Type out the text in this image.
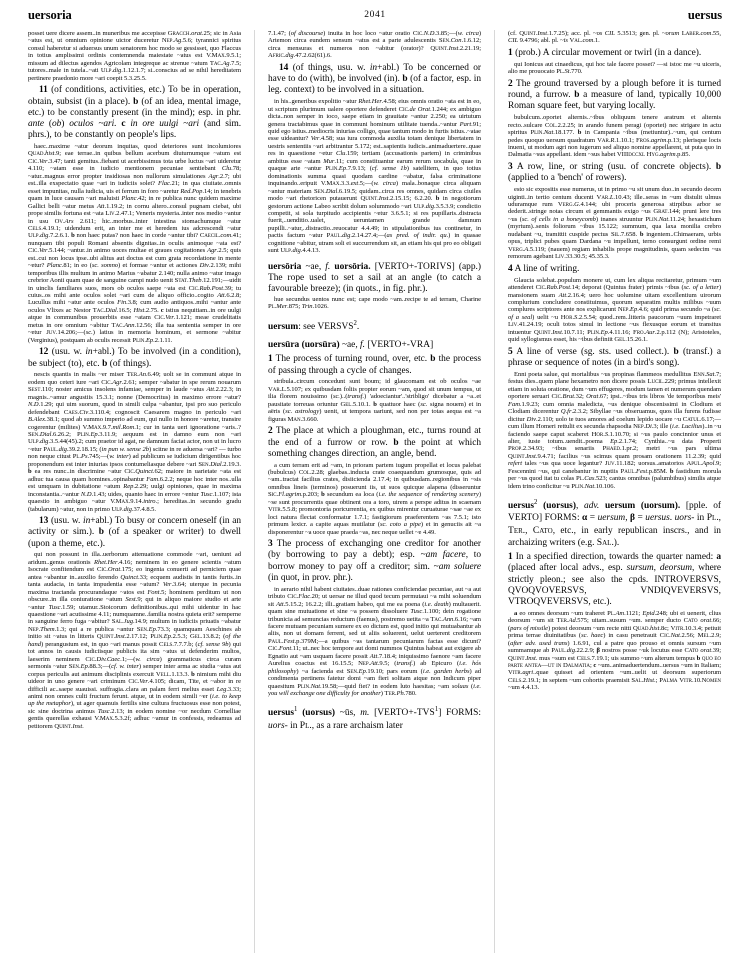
uersoria	2041	uersus

posset uere dicere assem..in muneribus me accepisse Gracch.orat.25; sic in Asia ~atus est, ut omnium opinione uictor duceretur Nep.Ag.5.6; tyrannici spiritus consul haberetur si aduersus unum senatorem hoc modo se gessisset, quo Flaccus in totius amplissimi ordinis contemnenda maiestate ~atus est V.Max.9.5.1; missum ad dilectus agendos Agricolam integreque ac strenue ~atum Tac.Ag.7.5; tutores..male in tutela..~ati Ulp.dig.1.12.1.7; si..conscius ad se nihil hereditatem pertinere praedonio more ~ari coepit 5.3.25.5.

11 (of conditions, activities, etc.) To be in operation, obtain, subsist (in a place). b (of an idea, mental image, etc.) to be constantly present (in the mind); esp. in phr. ante (ob) oculos ~ari. c in ore uulgi ~ari (and sim. phrs.), to be constantly on people's lips.

haec..maxime ~atur deorum inquitas, quod deteriores sunt incolumiores Quad.hist.9; eae terrae..in quibus bellum acerbum diuturnumque ~atum est Cic.Ver.3.47; tanti gemitus..fiebant ut acerbissimus tota urbe luctus ~ari uideretur 4.110; ~atam esse in iudicio mentionem pecuniae sentiebant Clu.78; ~atur..magnus error propter insidiosas non nullorum simulationes Agr.2.7; ubi est..illa exspectatio quae ~ari in iudiciis solet? Flac.21; in qua ciuitate..omnis esset impunitas, nulla iudicia, uis et ferrum in foro ~aretur Red.Pop.14; in tenebris quam in luce causam ~ari maluisti Planc.42; in re publica nunc quidem maxime Gallici belli ~atur metus Att.1.19.2; in cornu altero..consul pugnam ciebat, ubi prope similis fortuna est ~ata Liv.2.47.1; Veneris mysteria..inter nos medio ~antur in usu Ov.Ars 2.611; hic..morbus..inter intestina stomachumque ~atur Cels.4.19.1; uidendum erit, an inter me et heredem ius adcrescendi ~atur Ulp.dig.7.2.6.1. b non haec putas? non haec in corde ~antur tibi? Caecil.com.41; nunquam tibi populi Romani absentis dignitas..in oculis animoque ~ata est? Cic.Ver.5.144; ~antur..in animo uoces multae et graues cogitationes Agr.2.5; quis est..cui non locus ipse..ubi alitus aut doctus est cum grata recordatione in mente ~etur? Planc.81; in eo (sc. somno) et formae ~antur et actiones Div.2.139; mihi temporibus illis multum in animo Marius ~abatur 2.140; nulla animo ~atur imago crebrior Aonii quam quae de sanguine campi nudo uenit Stat.Theb.12.191;—uidit in uinclis familiares suos, mors ob oculos saepe ~ata est Cic.Rab.Post.39; tu cuius..os mihi ante oculos solet ~ari cum de aliquo officio..cogito Att.6.2.8; Lucullus mihi ~atur ante oculos Fin.3.8; cum audio antiquos..mihi ~antur ante oculos Vlixes ac Nestor Tac.Dial.16.5; Hist.2.75. c istius nequitiam..in ore uulgi atque in communibus prouerbiis esse ~atam Cic.Ver.1.121; meae crudelitatis metus in ore omnium ~abitur Tac.Ann.12.56; illa tua sententia semper in ore ~etur Juv.14.206;—(sc.) latius in memoria hominum, et sermone ~abitur (Verginius), postquam ab oculis recessit Plin.Ep.2.1.11.

12 (usu. w. in+abl.) To be involved (in a condition), be subject (to), etc. b (of things).

nescis quantis in malis ~er miser Ter.An.6.49; uolt se in communi atque in eodem quo ceteri iure ~ari Cic.Agr.2.61; semper ~abatur in spe rerum nouarum Sest.110; noster amicus insolens infamiae, semper in laude ~atus Att.2.22.3; in magnis..~amur angustiis 15.3.1; nonne (Democritus) in maximo errore ~atur? N.D.1.29; qui uim suorum, quod in simili culpa ~abantur, ipsi pro suo periculo defendebant Caes.Civ.3.110.4; cognoscit Caesarem magno in periculo ~ari B.Alex.38.1; quod ab summo imperio ad eum, qui nullo in honore ~aretur, transire cogerentur (milites) V.Max.9.7.mil.Rom.1; cur in tanta ueri ignoratione ~aris..? Sen.Dial.6.26.2; Plin.Ep.3.11.9; aequum est in damno eum non ~ari Ulp.dig.3.5.44(45).2; cum praetor id agat, ne damnum faciat actor, non ut in lucro ~etur Paul.dig.39.2.18.15; (in pun w. sense 2b) scitne in re aduersa ~ari? — turbo non neque citust Pl.Ps.745;—(w. inter) ad publicum se iudicium dirigentibus hoc proponendum est inter iniurias ipsos contumeliasque debere ~ari Sen.Dial.2.19.3. b ea res nunc..in discrimine ~atur Cic.Quinct.62; maiore in uarietate ~ata est adhuc tua causa quam homines..opinabantur Fam.6.2.2; neque hoc inter nos..ulla est umquam in dubitatione ~atum Rep.2.29; uulgi opiniones, quae in maxima inconstantia..~antur N.D.1.43; uides, quanto haec in errore ~entur Tusc.1.107; ista quaestio in ambiguo ~atur V.Max.9.14.intro.; hereditas..in secundo gradu (tabularum) ~atur, non in primo Ulp.dig.37.4.8.5.

13 (usu. w. in+abl.) To busy or concern oneself (in an activity or sim.). b (of a speaker or writer) to dwell (upon a theme, etc.).

qui non possunt in illa..uerborum attenuatione commode ~ari, ueniunt ad aridum..genus orationis Rhet.Her.4.16; neminem in eo genere scientis ~atum Isocrate confitendum est Cic.Orat.175; eo ingenia conuerti ad perniciem quae antea ~abantur in..auxilio ferendo Quinct.33; ecquem audistis in tantis furtis..in tanta audacia, in tanta impudentia esse ~atum? Ver.3.64; uterque in pecunia maxima tractanda procurandaque ~atos est Font.5; hominem perditum ut non obscure..in illa coniuratione ~atum Sest.9; qui in aliquo maiore studio et arte ~antur Tusc.1.59; utamur..Stoicorum definitionibus..qui mihi uidentur in hac quaestione ~ari acutissime 4.11; numquamne..familia nostra quieta erit? semperne in sanguine ferro fuga ~abitur? Sal.Jug.14.9; multum in iudiciis priuatis ~abatur Nep.Them.1.3; qui a re publica ~antur Sen.Ep.73.3; quamquam Aeschines ab initio sit ~atus in litteris Quint.Inst.2.17.12; Plin.Ep.2.5.3; Gel.13.8.2; (of the hand) perangustum est, in quo ~ari manus possit Cels.7.7.7.b; (cf. sense 9b) qui tot annos in causis iudiciisque publicis ita sim ~atus ut defenderim multos, laeserim neminem Cic.Div.Caec.1;—(w. circa) grammaticus circa curam sermonis ~atur Sen.Ep.88.3;—(cf. w. inter) semper inter arma ac studia ~atus aut corpus periculis aut animum disciplinis exercuit Vell.1.13.3. b nimium mihi diu uideor in uno genere ~ari criminum Cic.Ver.4.105; dicam, Tite, et ~abor in re difficili ac..saepe suauissi. suffragia..clara an palam ferri melius esset Leg.3.33; animi non omnes culti fructum ferunt. atque, ut in eodem simili ~er (i.e. to keep up the metaphor), ut ager quamuis fertilis sine cultura fructuosus esse non potest, sic sine doctrina animus Tusc.2.13; in eodem nomine ~or necdum Cornelliae gentis querellas exhausi V.Max.5.3.2f; adhuc ~amur in confessis, redeamus ad petitorem Quint.Inst.

7.1.47; (of discourse) inuita in hoc loco ~atur oratio Cic.N.D.3.85;—(w. circa) Artemon circa eundem sensum ~atus est a parte adulescentis Sen.Con.1.6.12; circa mensuras et numeros non ~abitur (orator)? Quint.Inst.2.21.19; Afric.dig.47.2.62(61).6.

14 (of things, usu. w. in+abl.) To be concerned or have to do (with), be involved (in). b (of a factor, esp. in leg. context) to be involved in a situation.

in his..generibus expolitio ~atur Rhet.Her.4.58; eius omnis oratio ~ata est in eo, ut scriptum plurimum ualere oportere defenderet Cic.de Orat.1.244; ex ambiguo dicta..non semper in ioco, saepe etiam in grauitate ~antur 2.250; ea uirtutum genera tractabimus quae in communi hominum utilitate tuenda..~antur Part.91; quid ego istius..mediocris iniurias colligo, quae tantum modo in furtis istius..~atae esse uideantur? Ver.4.58; sua iura commoda auxilia totam denique libertatem in uestris sententiis ~ari arbitrantur 5.172; est..sapientis iudicis..animaduertere..quae res in quaestione ~etur Clu.159; tertiam (accusationis partem) in criminibus ambitus esse ~atam Mur.11; cum constituantur earum rerum uocabula, quae in quaque arte ~antur Plin.Ep.7.9.13; (cf. sense 1b) satellitem, in quo totius dominationis summa quasi quodam cardine ~abatur, falsa criminatione inquinando..eripuit V.Max.3.3.ext.5;—(w. circa) mala..bonaque circa aliquam ~antur materiam Sen.Dial.6.19.5; quidam..circa res omnes, quidam circa ciuiles modo ~ari rhetoricen putauerunt Quint.Inst.2.15.15; 6.2.20. b in negotiorum gestorum actione Labeo scribit dolum solummodo ~ari Ulp.dig.3.5.3.9; condictio competit, si sola turpitudo accipientis ~etur 3.6.5.1; si res pupillaris..distracta fuerit,..uenditio..ualet, ueruntamen grande damnum pupilli..~atur,..distractio..reuocatur 4.4.49; in stipulationibus ius continetur, in pactis factum ~atur Paul.dig.2.14.27.4;—(as pred. of indir. qu.) in quasae cognitione ~abitur, utram soli ei succurrendum sit, an etiam his qui pro eo obligati sunt Ulp.dig.4.4.13.

uersōria ~ae, f. uorsōria. [VERTO+-TORIVS] (app.) The rope used to set a sail at an angle (to catch a favourable breeze); (in quots., in fig. phr.).

hue secundus uentos nunc est; cape modo ~am..recipe te ad terram, Charine Pl.Mer.875; Trin.1026.

uersum: see VERSVS$^2$.

uersūra (uorsūra) ~ae, f. [VERTO+-VRA]

1 The process of turning round, over, etc. b the process of passing through a cycle of changes.

stribula..circum concedunt sunt boum; id glaucomam est ob oculos ~ae Var.L.5.107; ex quibusdam foliis propter eorum ~am, quod sit unum tempus, ut ilia florem nouissimo (sc.)..(transf.) 'adoeciantur'..'stribligo' dicebatur a ~a..et pausitate torreuas oriuntur Gel.5.10.1. b quattuor haec (sc. signa nouem) et in aëris (sc. astrology) uenit, ut tempora uariunt, sed non per totas aequa est ~a figuras Man.3.660.

2 The place at which a ploughman, etc., turns round at the end of a furrow or row. b the point at which something changes direction, an angle, bend.

a cum terram erit ad ~am, in prioram partem iugum propellat et locus palebat (bubulcus) Col.2.28; glaebas..inducta crate coaequandum grumosque, quis ad ~am..tractat facilius crates, disiicienda 2.17.4; in quibusdam..regionibus in ~sis omnibus lineis (terminos) posuerunt iis, ut suos quicque alapena (disseruntur Sic.Fl.agrim.p.203; b secundum ea loca (i.e. the sequence of rendering scenery) ~se sunt procurrentis quae obtinent ora a toro, uirem a perspe aditus in scaenam Vitr.5.5.8; promontoria poricurrentia, ex quibus mirentur curuaturae ~sae ~ae ex loci natura flectat conformatur 1.7.1; fastigiorum praeferentem ~as 7.5.1; isto primum lexicr. a capite aquas mutilatur (sc. coto a pipe) et in genuciis ait ~a disponerentur ~a uoce quae praeda ~as, nec neque uellet ~e 4.49.

3 The process of exchanging one creditor for another (by borrowing to pay a debt); esp. ~am facere, to borrow money to pay off a creditor; sim. ~am soluere (in quot, in prov. phr.).

in aerario nihil habent ciuitates..duae rationes conficiendae pecuniae, aut ~a aut tributo Cic.Flac.20; ut uersar ne illud quod tecum permutaui ~a mihi soluendum sit Att.5.15.2; 16.2.2; illi..gratiam habeo, qui me ea poena (i.e. death) multauerit. quam sine mutuatione et sine ~a possem dissoluere Tusc.1.100; dein rogatione tribunicia ad semuncias reductum (faenus), postremo uetita ~a Tac.Ann.6.16; ~am facere mutuam pecuniam sumere ex eo dictum est, quod initio qui mutuabantur ab aliis, non ut domam ferrent, sed ut aliis soluerent, uelut uerterent creditorem Paul.Fest.p.379M;—a quibus ~as tantarum pecuniarum factas esse dicunt? Cic.Font.11; ut..nec hoc tempore aut domi nummos Quintus habeat aut exigere ab Egnatio aut ~am usquam facere possit Att.7.18.4; iniquissimo faenore ~am facere Aurelius coactus est 16.15.5; Nep.Att.9.5; (transf.) ab Epicuro (i.e. hós philosophy) ~a facienda est Sen.Ep.19.10; pars eorum (i.e. garden herbs) ad condimenta pertinens fatetur domi ~am fieri solitam atque non Indicum piper quaesitum Plin.Nat.19.58;—quid fiet? in eodem luto haesitas; ~am soluas (i.e. you will exchange one difficulty for another) Ter.Ph.780.

uersus$^1$ (uorsus) ~ūs, m. $[VERTO+-TVS^1]$ FORMS: uors- in Pl., as a rare archaism later

(cf. Quint.Inst.1.7.25); acc. pl. ~os CIL 5.3513; gen. pl. ~orum Laber.com.55, CIL 9.4796; abl. pl. ~is Val.com.1.

1 (prob.) A circular movement or twirl (in a dance).

qui Ionicus aut cinaedicus, qui hoc tale facere posset? —si istoc me ~u uiceris, alio me prouocato Pl.St.770.

2 The ground traversed by a plough before it is turned round, a furrow. b a measure of land, typically 10,000 Roman square feet, but varying locally.

bubulcum..oportet alternis..~ibus obliquum tenere aratrum et alternis recto..sulcare Col.2.2.25; in arando funem peragi (oportet) nec strigare in actu spiritus Plin.Nat.18.177. b in Campania ~ibus (metiuntur)..~um, qui centum pedes quoquo uersum quadratum Var.R.1.10.1; Fros.agrim.p.13; plerisque locis inueni, ut modum agri non iugerum sed aliquo nomine appellarent, ut puta quo in Dalmatia ~sus appellant. idem ~sus habet VIIIdccxl Hyg.agrim.p.85.

3 A row, line, or string (usu. of concrete objects). b (applied to a 'bench' of rowers).

esto sic expositis esse numerus, ut in primo ~u sit unum duo..in secundo decem uiginti..in tertio centum ducenti Var.L.10.43; ille..seras in ~um distulit ulmus uduramque rum Verg.G.4.144; ubi proceris generosa stirpibus arbor se dederit..stringe notas circum ei gemmantis exigo ~us Grat.144; pruni lere tres ~us (sc. of cells in a honeycomb) inanes struuntur Plin.Nat.11.24; hexastichum (myrtum)..senis foliorum ~ibus 15.122; summum, qua laxa monilia crebro nudabant ~u, tramittit cuspide pectus Sil.7.658. b ingentem..Chimaeram, urbis opus, triplici pubes quam Dardana ~u impellunt, terno consurgunt ordine remi Verg.A.5.119; (nauem) regiam inhabilis prope magnitudinis, quam sedecim ~us remorum agebant Liv.33.30.5; 45.35.3.

4 A line of writing.

Glaucia solebat..populum monere ut, cum lex aliqua recitaretur, primum ~um attenderet Cic.Rab.Post.14; deporat (Quintus frater) primis ~ibus (sc. of a letter) mansionem suam Att.2.16.4; uero hoc uolumine uitam excellentium uirorum complurium concludere constituimus, quorum separatim multis milibus ~uum complures scriptores ante nos explicarunt Nep.Ep.4.6; quid prima secundo ~a (sc. of a seal) uelit ~u Hor.S.2.5.54; quod..rem..litteris paucorum ~uum impetraret Liv.41.24.19; oculi totos simul in lectione ~us flexusque eorum et transitus intuentur Quint.Inst.10.7.11; Plin.Ep.4.11.16; Fro.Aur.2.p.112 (N); Aristoteles, quid syllogismus esset, his ~ibus definiit Gel.15.26.1.

5 A line of verse (sg. sts. used collect.). b (transf.) a phrase or sequence of notes (in a bird's song).

Enni poeta salue, qui mortalibus ~us propinas flammeos medullitus Enn.Sat.7; festus dies..quem plane hexametro non dicere possis Lucil.229; primus intellexit etiam in soluta oratione, dum ~um effugeres, modum tamen et numerum quendam oportere seruari Cic.Brut.32; Orat.67; ipsi..~ibus tris libros 'de temporibus meis' Fam.1.9.23; cum omnia maledicta, ~us denique obscenissimi in Clodium et Clodiam dicerentur Q.fr.2.3.2; Sibyllae ~us obseruamus, quos illa furens fudisse dicitur Div.2.110; uolo te tuos amores ad coelum lepido uocare ~u Catul.6.17;—cum illum Homeri rettulit ex secunda rhapsodia Nep.Di.3; ille (i.e. Lucilius)..in ~u faciendo saepe caput scaberet Hor.S.1.10.70; si ~us paulo concinnior unus et alter, iuste totum..uendit..poema Ep.2.1.74; Cynthia..~u data Properti Prop.2.34.93; ~ibus senariis Phaed.1.pr.2; metri ~us pars ultima Quint.Inst.9.4.71; facilius ~us scimus quam prosam orationem 11.2.39; quid refert tales ~us qua uoce legantur? Juv.11.182; uorsus..amatorios Apul.Apol.9; Fescennini ~us, qui canebantur in nuptiis Paul.Fest.p.85M. b fastidium morula per ~us quod itat tu colas Pl.Cas.523; cantus omnibus (palumbibus) similis atque idem trino conficitur ~u Plin.Nat.10.106.

uersus$^2$ (uorsus), adv. uersum (uorsum). [pple. of VERTO] FORMS: α = uersum, β = uersus. uors- in Pl., Ter., Cato, etc., in early republican inscrs., and in archaizing writers (e.g. Sal.).

1 In a specified direction, towards the quarter named: a (placed after local advs., esp. sursum, deorsum, where strictly pleon.; see also the cpds. INTROVERSVS, QVOQVOVERSVS, VNDIQVEVERSVS, VTROQVEVERSVS, etc.).

a eo omnes deorsum ~um traheret Pl.Am.1121; Epid.248; ubi ei uenerit, clius deorsum ~um sit Ter.Ad.575; uitam..susum ~um. semper ducto Cato orat.66; (pars of missile) potest deorsum ~um recte nitti Quad.hist.8c; Vitr.10.3.4; petiuit prima terrae diuinitatibus (sc. haec) in casu penetrauit Cic.Nat.2.56; Mel.2.9; (after adv. used trans) 1.6.91, cul a patre quo prouso et omnis sursum ~um summamque ab Paul.dig.22.2.9; β nostros posse ~uk locutus esse Cato orat.39; Quint.Inst. mus ~sum est Cels.7.19.1; uis summo ~um alterum tempus b quo eo parte antea—ut in Dalmatia; c ~um..animaduertendum..uersus ~um in Italiam; Vitr.agri..quae quisset ad orientem ~um..uelit ut deorsum superiorum Cels.2.19.1; in septem ~um cohortis praemisit Sal.Hist.; Palma Vitr.10.Nomen ~um 4.4.13.
